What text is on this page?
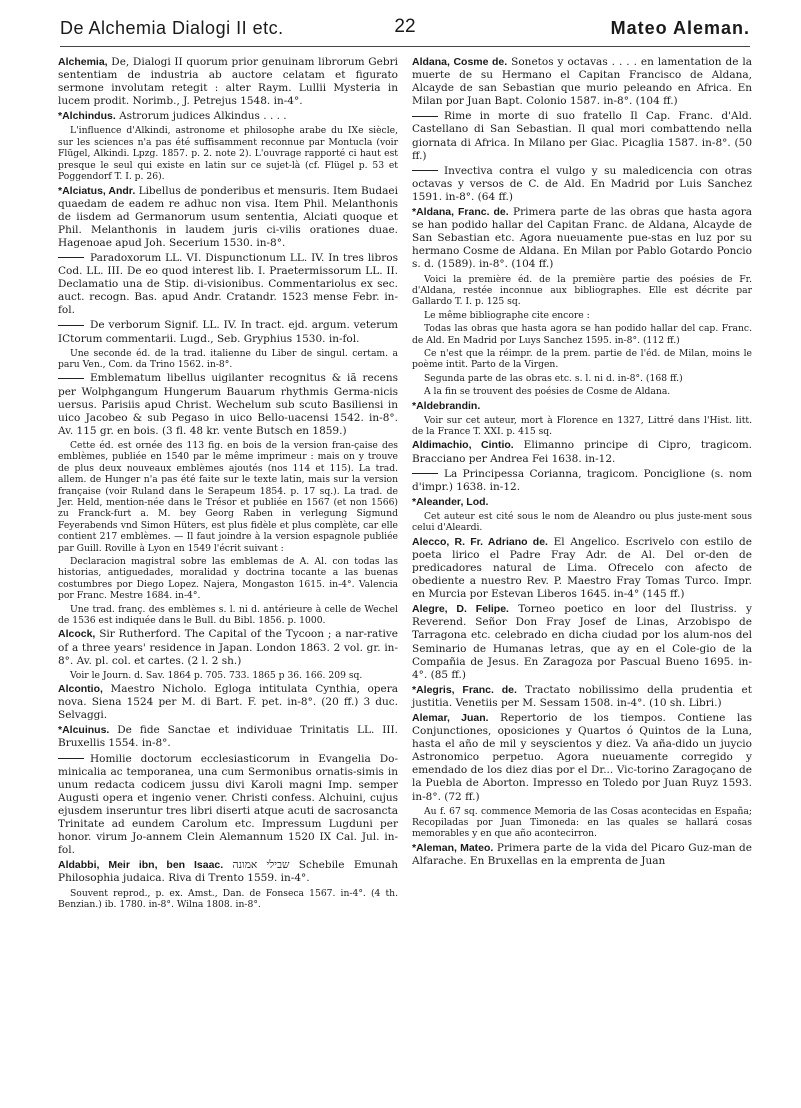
De Alchemia Dialogi II etc.	22	Mateo Aleman.
Alchemia, De, Dialogi II quorum prior genuinam librorum Gebri sententiam de industria ab auctore celatam et figurato sermone involutam retegit : alter Raym. Lullii Mysteria in lucem prodit. Norimb., J. Petrejus 1548. in-4°.
*Alchindus. Astrorum judices Alkindus . . . .
L'influence d'Alkindi, astronome et philosophe arabe du IXe siècle, sur les sciences n'a pas été suffisamment reconnue par Montucla (voir Flügel, Alkindi. Lpzg. 1857. p. 2. note 2). L'ouvrage rapporté ci haut est presque le seul qui existe en latin sur ce sujet-là (cf. Flügel p. 53 et Poggendorf T. I. p. 26).
*Alciatus, Andr. Libellus de ponderibus et mensuris. Item Budaei quaedam de eadem re adhuc non visa. Item Phil. Melanthonis de iisdem ad Germanorum usum sententia, Alciati quoque et Phil. Melanthonis in laudem juris ci-vilis orationes duae. Hagenoae apud Joh. Secerium 1530. in-8°.
Paradoxorum LL. VI. Dispunctionum LL. IV. In tres libros Cod. LL. III. De eo quod interest lib. I. Praetermissorum LL. II. Declamatio una de Stip. di-visionibus. Commentariolus ex sec. auct. recogn. Bas. apud Andr. Cratandr. 1523 mense Febr. in-fol.
De verborum Signif. LL. IV. In tract. ejd. argum. veterum ICtorum commentarii. Lugd., Seb. Gryphius 1530. in-fol.
Une seconde éd. de la trad. italienne du Liber de singul. certam. a paru Ven., Com. da Trino 1562. in-8°.
Emblematum libellus uigilanter recognitus & iã recens per Wolphgangum Hungerum Bauarum rhythmis Germa-nicis uersus. Parisiis apud Christ. Wechelum sub scuto Basiliensi in uico Jacobeo & sub Pegaso in uico Bello-uacensi 1542. in-8°. Av. 115 gr. en bois. (3 fl. 48 kr. vente Butsch en 1859.)
Cette éd. est ornée des 113 fig. en bois de la version fran-çaise des emblèmes, publiée en 1540 par le même imprimeur : mais on y trouve de plus deux nouveaux emblèmes ajoutés (nos 114 et 115). La trad. allem. de Hunger n'a pas été faite sur le texte latin, mais sur la version française (voir Ruland dans le Serapeum 1854. p. 17 sq.). La trad. de Jer. Held, mention-née dans le Trésor et publiée en 1567 (et non 1566) zu Franck-furt a. M. bey Georg Raben in verlegung Sigmund Feyerabends vnd Simon Hüters, est plus fidèle et plus complète, car elle contient 217 emblèmes. — Il faut joindre à la version espagnole publiée par Guill. Roville à Lyon en 1549 l'écrit suivant :
Declaracion magistral sobre las emblemas de A. Al. con todas las historias, antiguedades, moralidad y doctrina tocante a las buenas costumbres por Diego Lopez. Najera, Mongaston 1615. in-4°. Valencia por Franc. Mestre 1684. in-4°.
Une trad. franç. des emblèmes s. l. ni d. antérieure à celle de Wechel de 1536 est indiquée dans le Bull. du Bibl. 1856. p. 1000.
Alcock, Sir Rutherford. The Capital of the Tycoon ; a nar-rative of a three years' residence in Japan. London 1863. 2 vol. gr. in-8°. Av. pl. col. et cartes. (2 l. 2 sh.)
Voir le Journ. d. Sav. 1864 p. 705. 733. 1865 p 36. 166. 209 sq.
Alcontio, Maestro Nicholo. Egloga intitulata Cynthia, opera nova. Siena 1524 per M. di Bart. F. pet. in-8°. (20 ff.) 3 duc. Selvaggi.
*Alcuinus. De fide Sanctae et individuae Trinitatis LL. III. Bruxellis 1554. in-8°.
Homilie doctorum ecclesiasticorum in Evangelia Do-minicalia ac temporanea, una cum Sermonibus ornatis-simis in unum redacta codicem jussu divi Karoli magni Imp. semper Augusti opera et ingenio vener. Christi confess. Alchuini, cujus ejusdem inseruntur tres libri diserti atque acuti de sacrosancta Trinitate ad eundem Carolum etc. Impressum Lugduni per honor. virum Jo-annem Clein Alemannum 1520 IX Cal. Jul. in-fol.
Aldabbi, Meir ibn, ben Isaac. שבילי אמונה Schebile Emunah Philosophia judaica. Riva di Trento 1559. in-4°.
Souvent reprod., p. ex. Amst., Dan. de Fonseca 1567. in-4°. (4 th. Benzian.) ib. 1780. in-8°. Wilna 1808. in-8°.
Aldana, Cosme de. Sonetos y octavas . . . . en lamentation de la muerte de su Hermano el Capitan Francisco de Aldana, Alcayde de san Sebastian que murio peleando en Africa. En Milan por Juan Bapt. Colonio 1587. in-8°. (104 ff.)
Rime in morte di suo fratello Il Cap. Franc. d'Ald. Castellano di San Sebastian. Il qual mori combattendo nella giornata di Africa. In Milano per Giac. Picaglia 1587. in-8°. (50 ff.)
Invectiva contra el vulgo y su maledicencia con otras octavas y versos de C. de Ald. En Madrid por Luis Sanchez 1591. in-8°. (64 ff.)
*Aldana, Franc. de. Primera parte de las obras que hasta agora se han podido hallar del Capitan Franc. de Aldana, Alcayde de San Sebastian etc. Agora nueuamente pue-stas en luz por su hermano Cosme de Aldana. En Milan por Pablo Gotardo Poncio s. d. (1589). in-8°. (104 ff.)
Voici la première éd. de la première partie des poésies de Fr. d'Aldana, restée inconnue aux bibliographes. Elle est décrite par Gallardo T. I. p. 125 sq.
Le même bibliographe cite encore :
Todas las obras que hasta agora se han podido hallar del cap. Franc. de Ald. En Madrid por Luys Sanchez 1595. in-8°. (112 ff.)
Ce n'est que la réimpr. de la prem. partie de l'éd. de Milan, moins le poème intit. Parto de la Virgen.
Segunda parte de las obras etc. s. l. ni d. in-8°. (168 ff.)
A la fin se trouvent des poésies de Cosme de Aldana.
*Aldebrandin.
Voir sur cet auteur, mort à Florence en 1327, Littré dans l'Hist. litt. de la France T. XXI. p. 415 sq.
Aldimachio, Cintio. Elimanno principe di Cipro, tragicom. Bracciano per Andrea Fei 1638. in-12.
La Principessa Corianna, tragicom. Ponciglione (s. nom d'impr.) 1638. in-12.
*Aleander, Lod.
Cet auteur est cité sous le nom de Aleandro ou plus juste-ment sous celui d'Aleardi.
Alecco, R. Fr. Adriano de. El Angelico. Escrivelo con estilo de poeta lirico el Padre Fray Adr. de Al. Del or-den de predicadores natural de Lima. Ofrecelo con afecto de obediente a nuestro Rev. P. Maestro Fray Tomas Turco. Impr. en Murcia por Estevan Liberos 1645. in-4° (145 ff.)
Alegre, D. Felipe. Torneo poetico en loor del Ilustriss. y Reverend. Señor Don Fray Josef de Linas, Arzobispo de Tarragona etc. celebrado en dicha ciudad por los alum-nos del Seminario de Humanas letras, que ay en el Cole-gio de la Compañia de Jesus. En Zaragoza por Pascual Bueno 1695. in-4°. (85 ff.)
*Alegris, Franc. de. Tractato nobilissimo della prudentia et justitia. Venetiis per M. Sessam 1508. in-4°. (10 sh. Libri.)
Alemar, Juan. Repertorio de los tiempos. Contiene las Conjunctiones, oposiciones y Quartos ó Quintos de la Luna, hasta el año de mil y seyscientos y diez. Va aña-dido un juycio Astronomico perpetuo. Agora nueuamente corregido y emendado de los diez dias por el Dr... Vic-torino Zaragoçano de la Puebla de Aborton. Impresso en Toledo por Juan Ruyz 1593. in-8°. (72 ff.)
Au f. 67 sq. commence Memoria de las Cosas acontecidas en España; Recopiladas por Juan Timoneda: en las quales se hallará cosas memorables y en que año acontecirron.
*Aleman, Mateo. Primera parte de la vida del Picaro Guz-man de Alfarache. En Bruxellas en la emprenta de Juan
